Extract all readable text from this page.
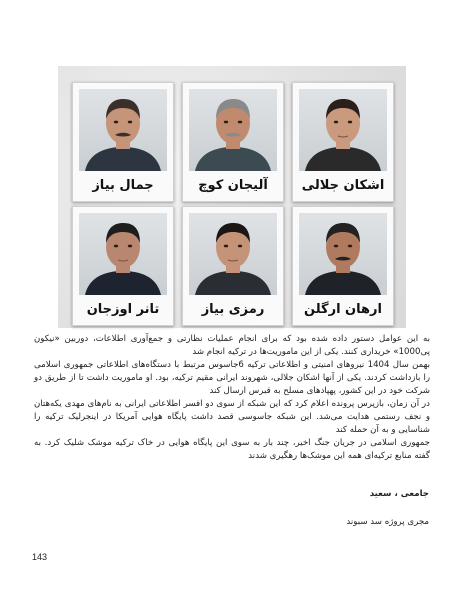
جمال بیاز	آلیجان کوچ	اشکان جلالی
تانر اوزجان	رمزی بیاز	ارهان ارگلن

به این عوامل دستور داده شده بود که برای انجام عملیات نظارتی و جمع‌آوری اطلاعات، دوربین «نیکون پی1000» خریداری کنند. یکی از این ماموریت‌ها در ترکیه انجام شد

بهمن سال 1404 نیروهای امنیتی و اطلاعاتی ترکیه 6جاسوس مرتبط با دستگاه‌های اطلاعاتی جمهوری اسلامی را بازداشت کردند. یکی از آنها اشکان جلالی، شهروند ایرانی مقیم ترکیه، بود. او ماموریت داشت تا از طریق دو شرکت خود در این کشور، پهپادهای مسلح به قبرس ارسال کند

در آن زمان، بازپرس پرونده اعلام کرد که این شبکه از سوی دو افسر اطلاعاتی ایرانی به نام‌های مهدی یکه‌هتان و نجف رستمی هدایت می‌شد. این شبکه جاسوسی قصد داشت پایگاه هوایی آمریکا در اینجرلیک ترکیه را شناسایی و به آن حمله کند

جمهوری اسلامی در جریان جنگ اخیر، چند بار به سوی این پایگاه هوایی در خاک ترکیه موشک شلیک کرد. به گفته منابع ترکیه‌ای همه این موشک‌ها رهگیری شدند

جامعی ، سعید
مجری پروژه سد سبوند
143
